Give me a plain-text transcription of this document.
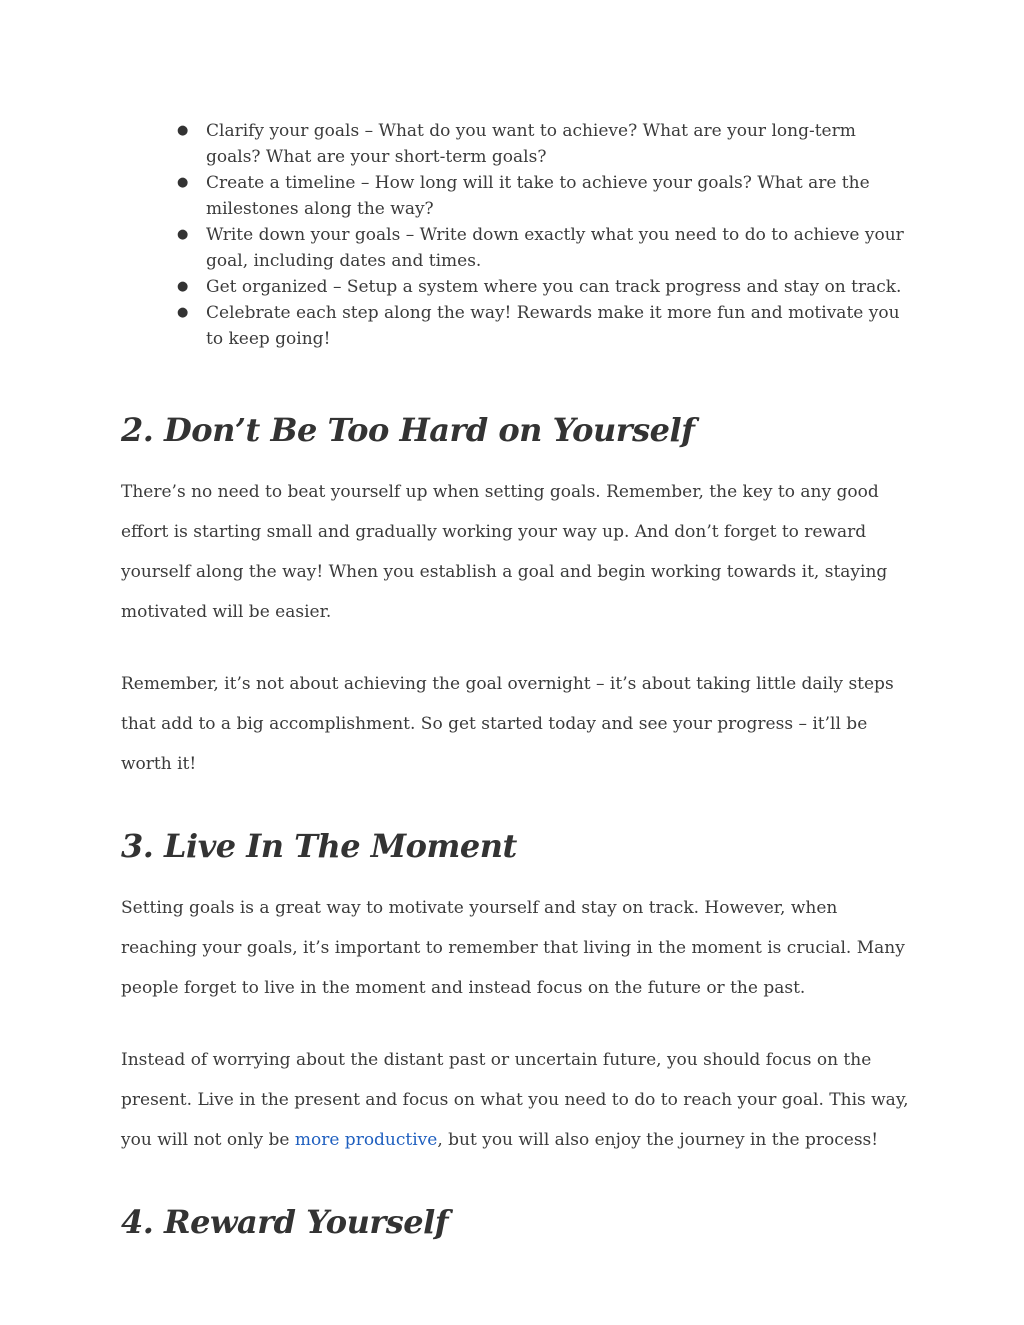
● Clarify your goals – What do you want to achieve? What are your long-term goals? What are your short-term goals?
● Create a timeline – How long will it take to achieve your goals? What are the milestones along the way?
● Write down your goals – Write down exactly what you need to do to achieve your goal, including dates and times.
● Get organized – Setup a system where you can track progress and stay on track.
● Celebrate each step along the way! Rewards make it more fun and motivate you to keep going!
2. Don’t Be Too Hard on Yourself

There’s no need to beat yourself up when setting goals. Remember, the key to any good effort is starting small and gradually working your way up. And don’t forget to reward yourself along the way! When you establish a goal and begin working towards it, staying motivated will be easier.

Remember, it’s not about achieving the goal overnight – it’s about taking little daily steps that add to a big accomplishment. So get started today and see your progress – it’ll be worth it!

3. Live In The Moment

Setting goals is a great way to motivate yourself and stay on track. However, when reaching your goals, it’s important to remember that living in the moment is crucial. Many people forget to live in the moment and instead focus on the future or the past.

Instead of worrying about the distant past or uncertain future, you should focus on the present. Live in the present and focus on what you need to do to reach your goal. This way, you will not only be more productive, but you will also enjoy the journey in the process!

4. Reward Yourself
